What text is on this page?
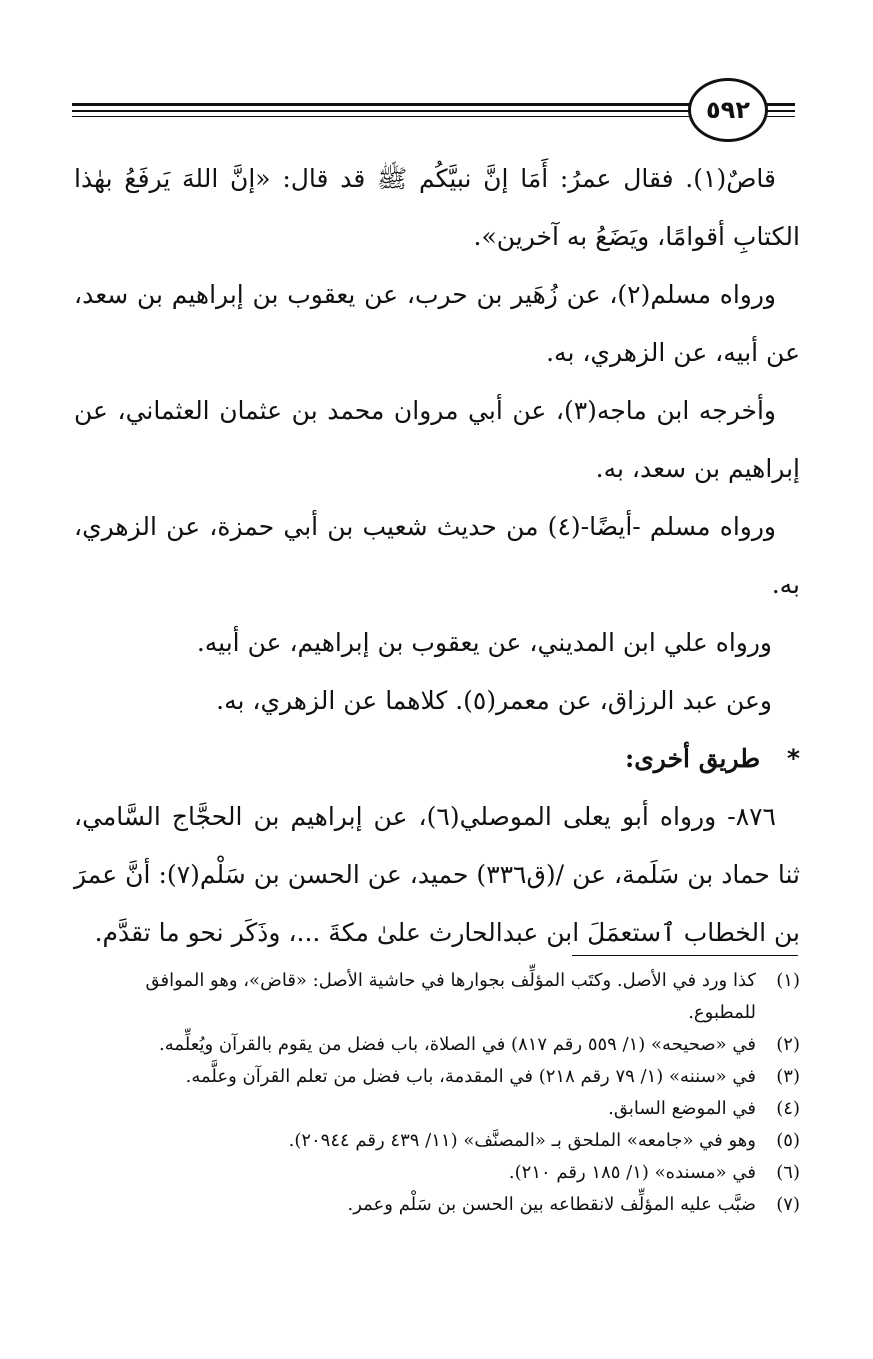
٥٩٢

قاصٌ(١). فقال عمرُ: أَمَا إنَّ نبيَّكُم ﷺ قد قال: «إنَّ اللهَ يَرفَعُ بهٰذا الكتابِ أقوامًا، ويَضَعُ به آخرين».

ورواه مسلم(٢)، عن زُهَير بن حرب، عن يعقوب بن إبراهيم بن سعد، عن أبيه، عن الزهري، به.

وأخرجه ابن ماجه(٣)، عن أبي مروان محمد بن عثمان العثماني، عن إبراهيم بن سعد، به.

ورواه مسلم -أيضًا-(٤) من حديث شعيب بن أبي حمزة، عن الزهري، به.

ورواه علي ابن المديني، عن يعقوب بن إبراهيم، عن أبيه.

وعن عبد الرزاق، عن معمر(٥). كلاهما عن الزهري، به.

* طريق أخرى:

٨٧٦- ورواه أبو يعلى الموصلي(٦)، عن إبراهيم بن الحجَّاج السَّامي، ثنا حماد بن سَلَمة، عن /(ق٣٣٦) حميد، عن الحسن بن سَلْم(٧): أنَّ عمرَ بن الخطاب ٱستعمَلَ ابن عبدالحارث علىٰ مكةَ ...، وذَكَر نحو ما تقدَّم.

(١)
كذا ورد في الأصل. وكتَب المؤلِّف بجوارها في حاشية الأصل: «قاض»، وهو الموافق للمطبوع.
(٢)
في «صحيحه» (١/ ٥٥٩ رقم ٨١٧) في الصلاة، باب فضل من يقوم بالقرآن ويُعلِّمه.
(٣)
في «سننه» (١/ ٧٩ رقم ٢١٨) في المقدمة، باب فضل من تعلم القرآن وعلَّمه.
(٤)
في الموضع السابق.
(٥)
وهو في «جامعه» الملحق بـ «المصنَّف» (١١/ ٤٣٩ رقم ٢٠٩٤٤).
(٦)
في «مسنده» (١/ ١٨٥ رقم ٢١٠).
(٧)
ضبَّب عليه المؤلِّف لانقطاعه بين الحسن بن سَلْم وعمر.
